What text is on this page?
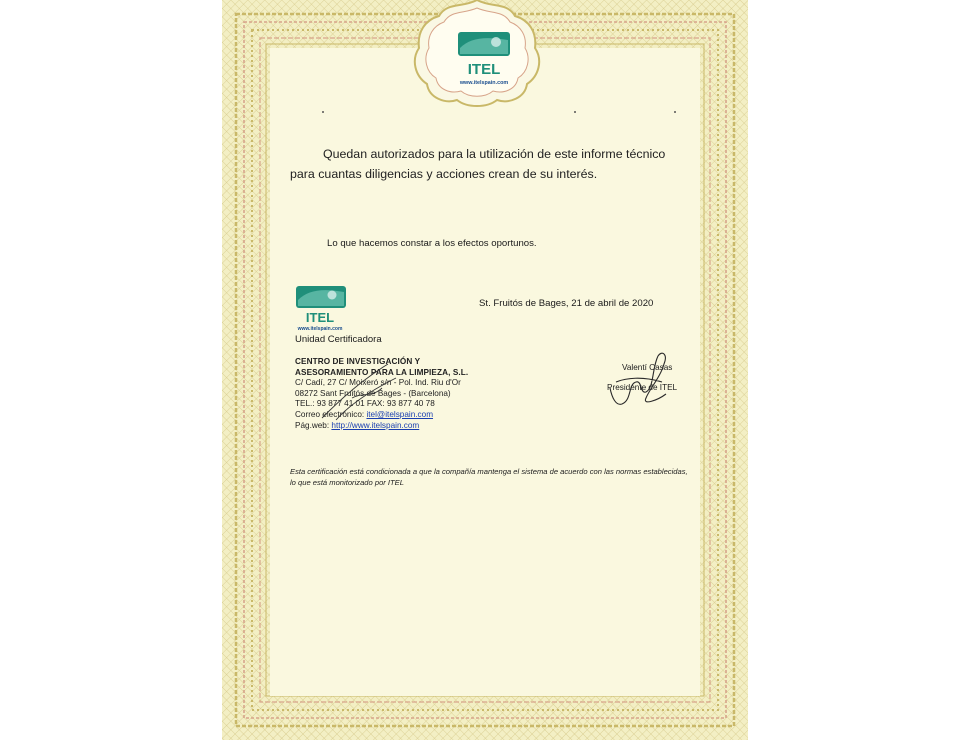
ITEL
www.itelspain.com
Quedan autorizados para la utilización de este informe técnico
para cuantas diligencias y acciones crean de su interés.
Lo que hacemos constar a los efectos oportunos.
St. Fruitós de Bages, 21 de abril de 2020
ITEL
www.itelspain.com
Unidad Certificadora
CENTRO DE INVESTIGACIÓN Y
ASESORAMIENTO PARA LA LIMPIEZA, S.L.
C/ Cadí, 27 C/ Moixeró s/n - Pol. Ind. Riu d'Or
08272 Sant Fruitós de Bages - (Barcelona)
TEL.: 93 877 41 01 FAX: 93 877 40 78
Correo electrónico: itel@itelspain.com
Pág.web: http://www.itelspain.com
Valentí Casas
Presidente de ITEL
Esta certificación está condicionada a que la compañía mantenga el sistema de acuerdo con las normas establecidas, lo que está monitorizado por ITEL
